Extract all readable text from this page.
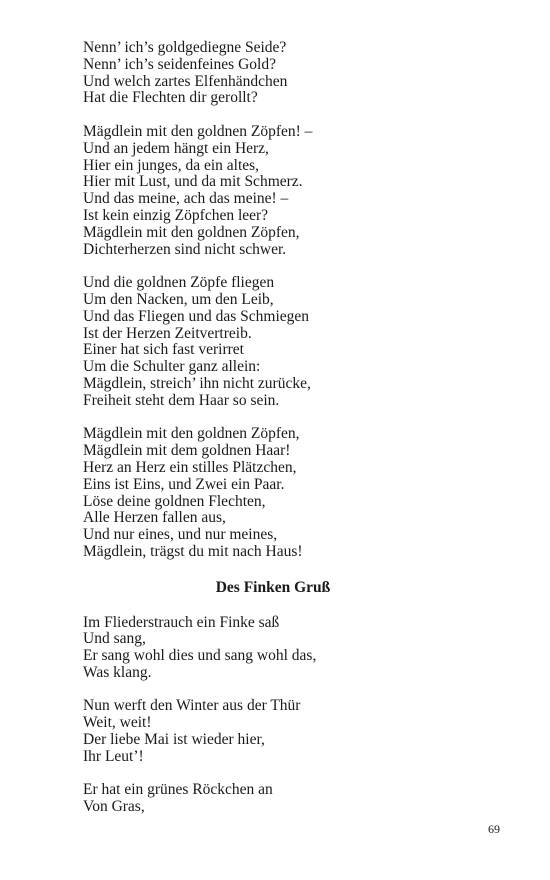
Nenn’ ich’s goldgediegne Seide?
Nenn’ ich’s seidenfeines Gold?
Und welch zartes Elfenhändchen
Hat die Flechten dir gerollt?
Mägdlein mit den goldnen Zöpfen! –
Und an jedem hängt ein Herz,
Hier ein junges, da ein altes,
Hier mit Lust, und da mit Schmerz.
Und das meine, ach das meine! –
Ist kein einzig Zöpfchen leer?
Mägdlein mit den goldnen Zöpfen,
Dichterherzen sind nicht schwer.
Und die goldnen Zöpfe fliegen
Um den Nacken, um den Leib,
Und das Fliegen und das Schmiegen
Ist der Herzen Zeitvertreib.
Einer hat sich fast verirret
Um die Schulter ganz allein:
Mägdlein, streich’ ihn nicht zurücke,
Freiheit steht dem Haar so sein.
Mägdlein mit den goldnen Zöpfen,
Mägdlein mit dem goldnen Haar!
Herz an Herz ein stilles Plätzchen,
Eins ist Eins, und Zwei ein Paar.
Löse deine goldnen Flechten,
Alle Herzen fallen aus,
Und nur eines, und nur meines,
Mägdlein, trägst du mit nach Haus!
Des Finken Gruß
Im Fliederstrauch ein Finke saß
Und sang,
Er sang wohl dies und sang wohl das,
Was klang.
Nun werft den Winter aus der Thür
Weit, weit!
Der liebe Mai ist wieder hier,
Ihr Leut’!
Er hat ein grünes Röckchen an
Von Gras,
69
